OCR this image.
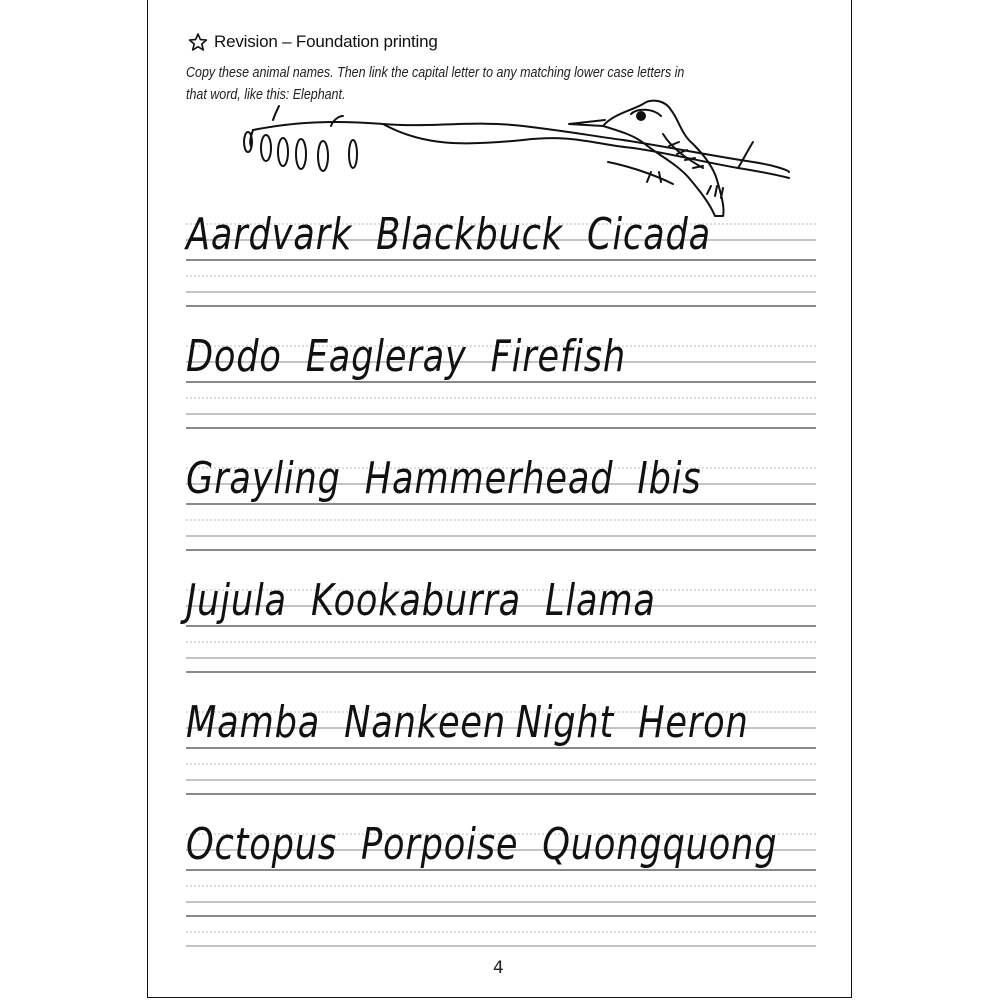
Revision – Foundation printing
Copy these animal names. Then link the capital letter to any matching lower case letters in that word, like this: Elephant.
Aardvark Blackbuck Cicada
Dodo Eagleray Firefish
Grayling Hammerhead Ibis
Jujula Kookaburra Llama
Mamba Nankeen Night Heron
Octopus Porpoise Quongquong
4
